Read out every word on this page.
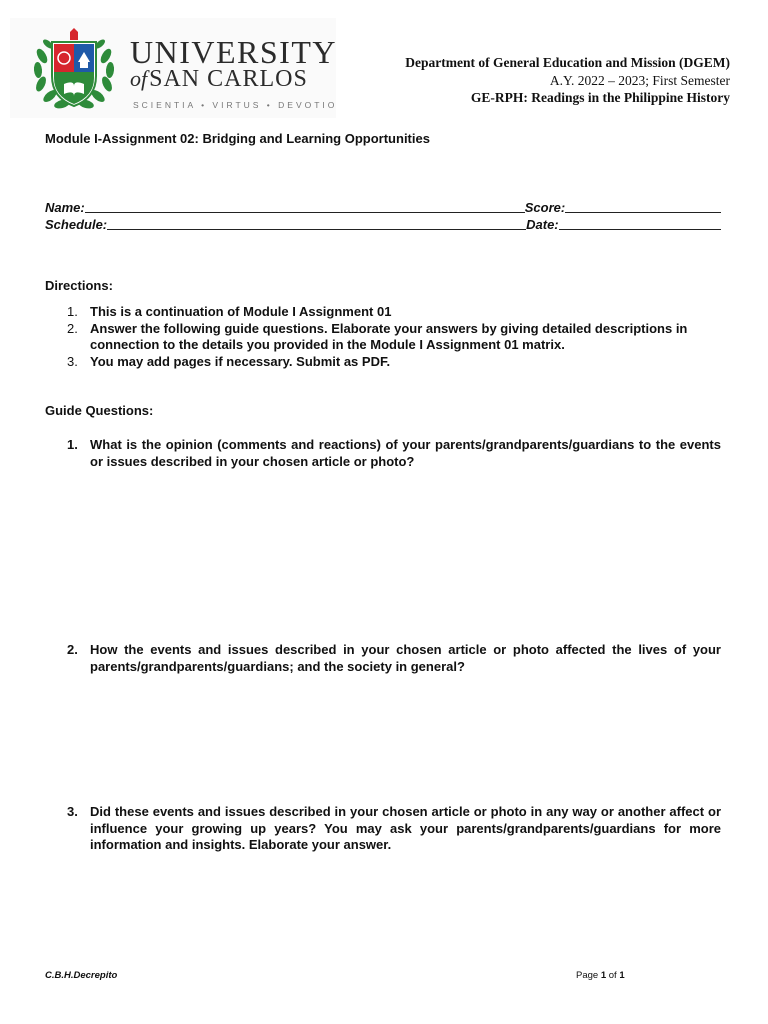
UNIVERSITY
ofSAN CARLOS
SCIENTIA • VIRTUS • DEVOTIO
Department of General Education and Mission (DGEM)
A.Y. 2022 – 2023; First Semester
GE-RPH: Readings in the Philippine History
Module I-Assignment 02: Bridging and Learning Opportunities
Name:	Score:
Schedule:	Date:
Directions:
1. This is a continuation of Module I Assignment 01
2. Answer the following guide questions. Elaborate your answers by giving detailed descriptions in connection to the details you provided in the Module I Assignment 01 matrix.
3. You may add pages if necessary. Submit as PDF.
Guide Questions:
1. What is the opinion (comments and reactions) of your parents/grandparents/guardians to the events or issues described in your chosen article or photo?
2. How the events and issues described in your chosen article or photo affected the lives of your parents/grandparents/guardians; and the society in general?
3. Did these events and issues described in your chosen article or photo in any way or another affect or influence your growing up years? You may ask your parents/grandparents/guardians for more information and insights. Elaborate your answer.
C.B.H.Decrepito	Page 1 of 1
